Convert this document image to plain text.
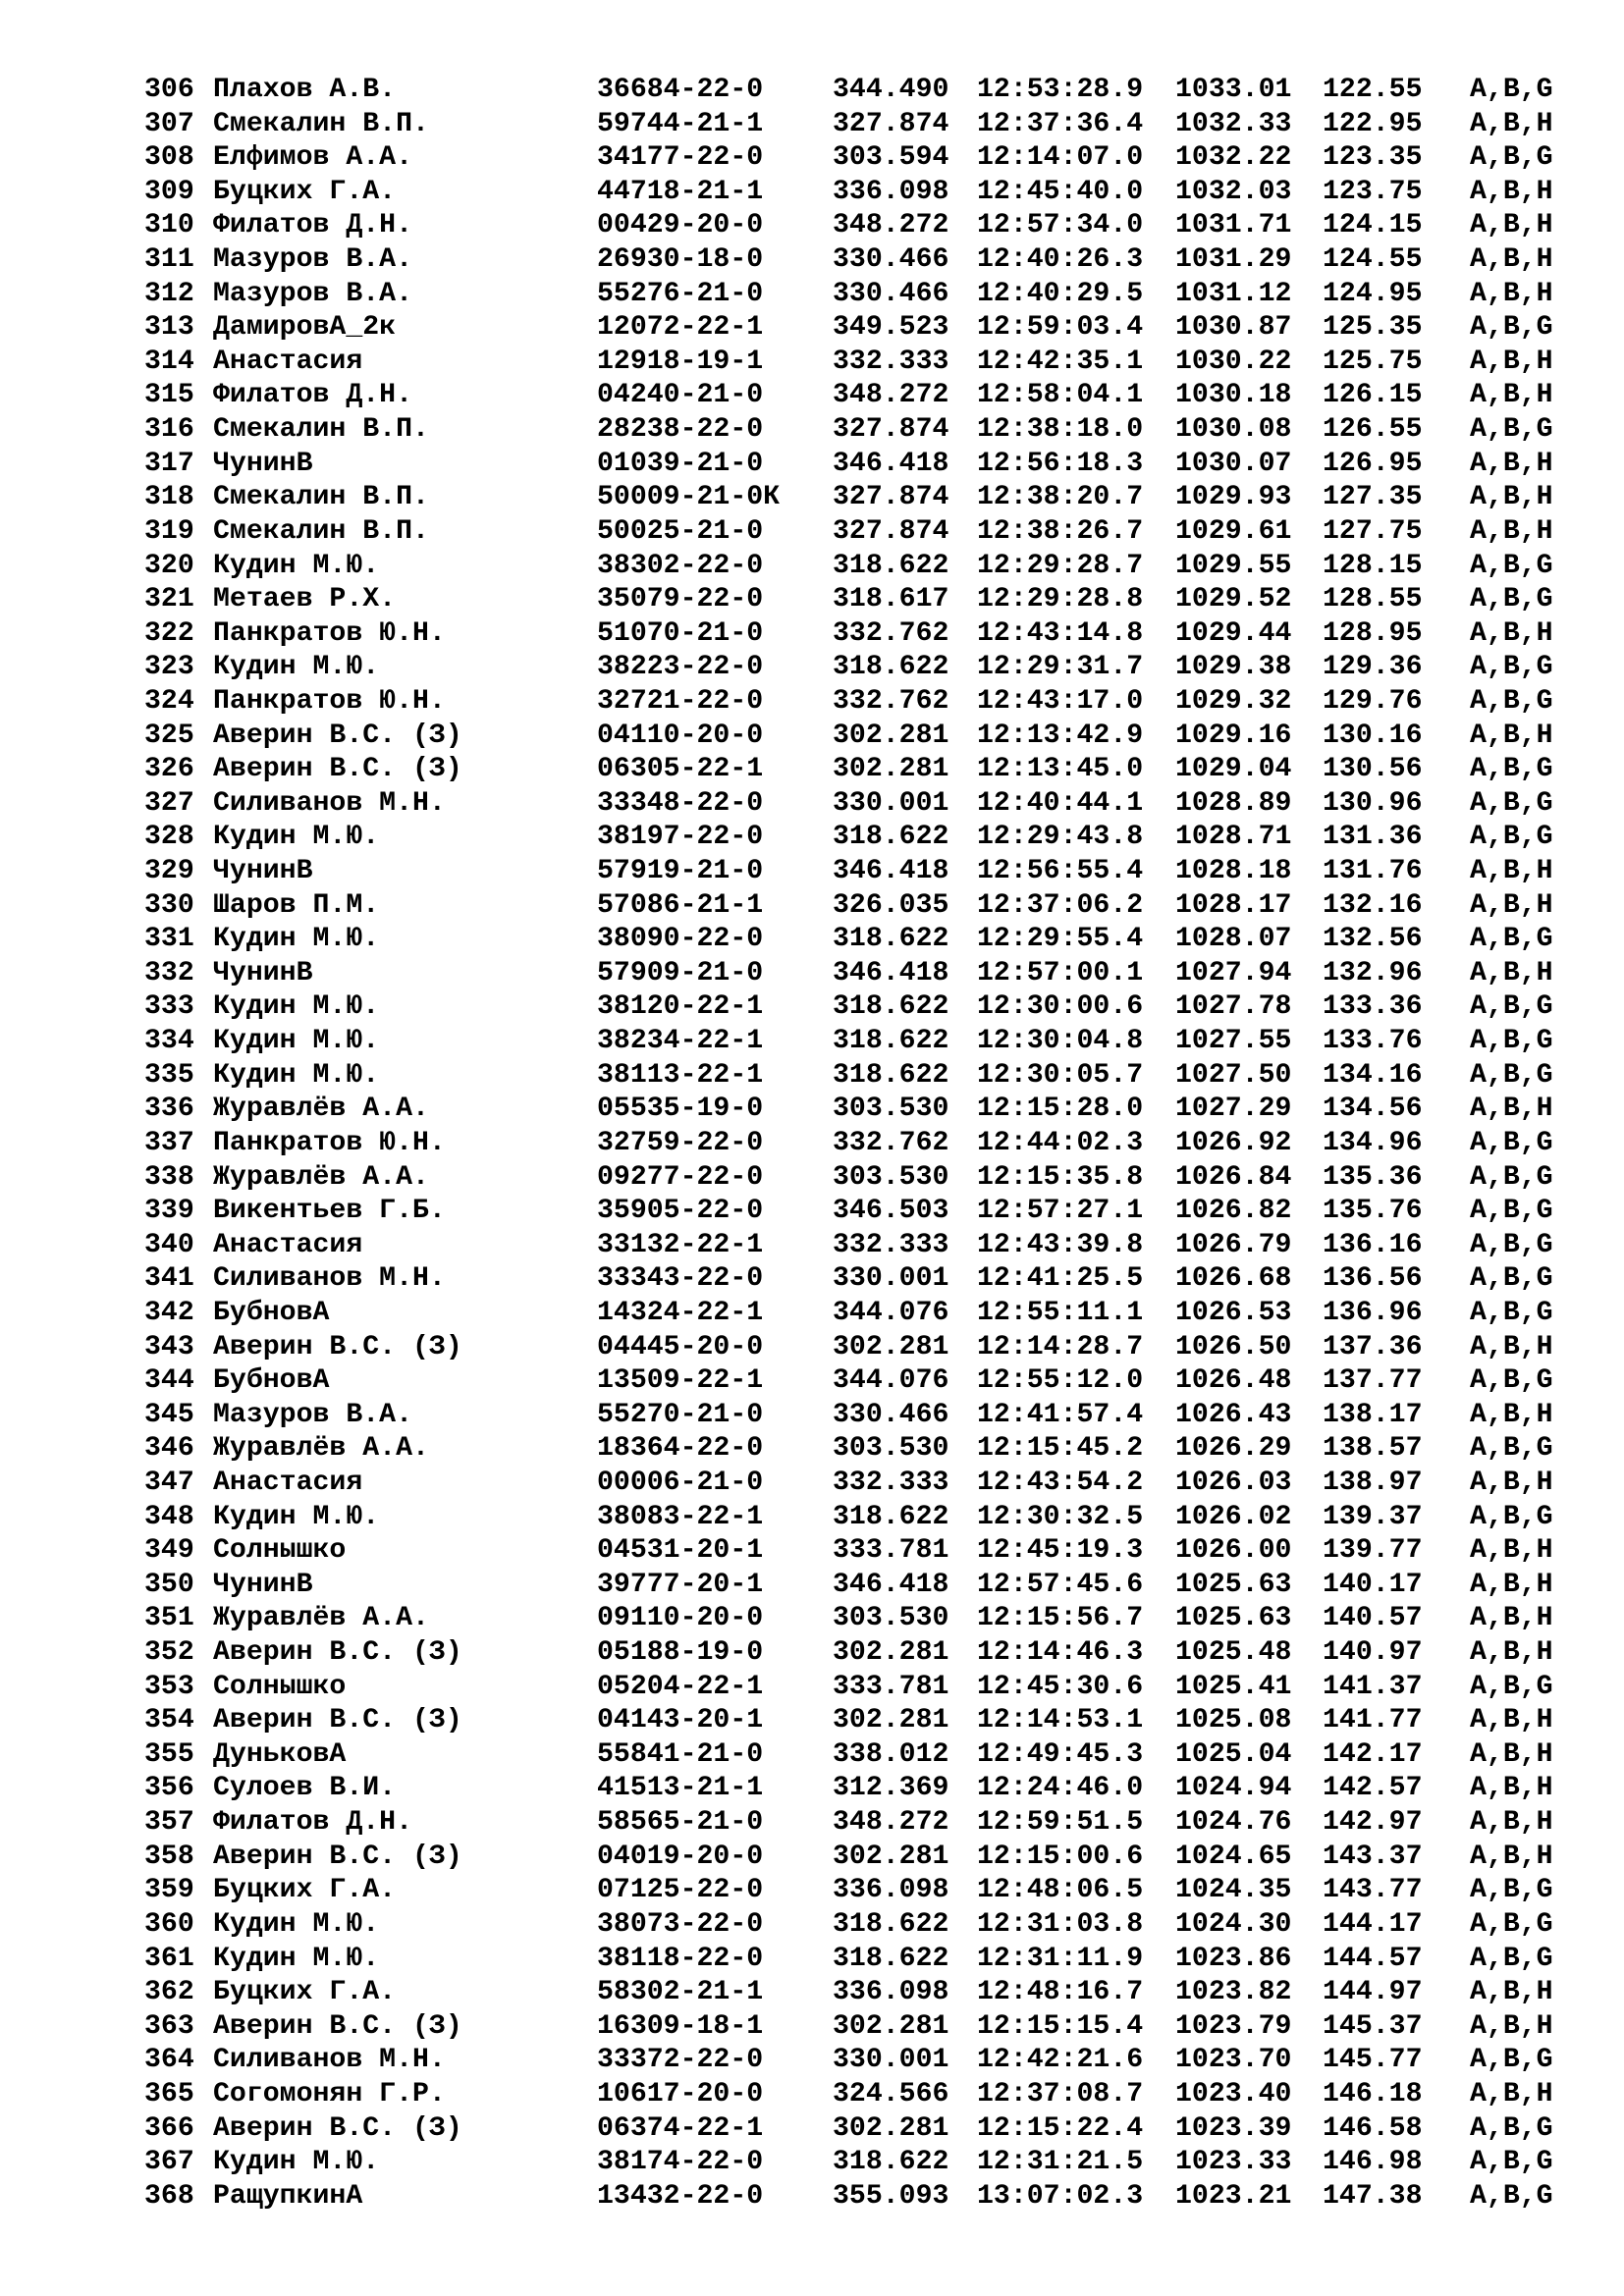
306 Плахов А.В.	36684-22-0	344.490 12:53:28.9 1033.01 122.55 A,B,G
307 Смекалин В.П.	59744-21-1	327.874 12:37:36.4 1032.33 122.95 A,B,H
308 Елфимов А.А.	34177-22-0	303.594 12:14:07.0 1032.22 123.35 A,B,G
309 Буцких Г.А.	44718-21-1	336.098 12:45:40.0 1032.03 123.75 A,B,H
310 Филатов Д.Н.	00429-20-0	348.272 12:57:34.0 1031.71 124.15 A,B,H
311 Мазуров В.А.	26930-18-0	330.466 12:40:26.3 1031.29 124.55 A,B,H
312 Мазуров В.А.	55276-21-0	330.466 12:40:29.5 1031.12 124.95 A,B,H
313 ДамировА_2к	12072-22-1	349.523 12:59:03.4 1030.87 125.35 A,B,G
314 Анастасия	12918-19-1	332.333 12:42:35.1 1030.22 125.75 A,B,H
315 Филатов Д.Н.	04240-21-0	348.272 12:58:04.1 1030.18 126.15 A,B,H
316 Смекалин В.П.	28238-22-0	327.874 12:38:18.0 1030.08 126.55 A,B,G
317 ЧунинВ	01039-21-0	346.418 12:56:18.3 1030.07 126.95 A,B,H
318 Смекалин В.П.	50009-21-0К 327.874 12:38:20.7 1029.93 127.35 A,B,H
319 Смекалин В.П.	50025-21-0	327.874 12:38:26.7 1029.61 127.75 A,B,H
320 Кудин М.Ю.	38302-22-0	318.622 12:29:28.7 1029.55 128.15 A,B,G
321 Метаев Р.Х.	35079-22-0	318.617 12:29:28.8 1029.52 128.55 A,B,G
322 Панкратов Ю.Н.	51070-21-0	332.762 12:43:14.8 1029.44 128.95 A,B,H
323 Кудин М.Ю.	38223-22-0	318.622 12:29:31.7 1029.38 129.36 A,B,G
324 Панкратов Ю.Н.	32721-22-0	332.762 12:43:17.0 1029.32 129.76 A,B,G
325 Аверин В.С. (З)	04110-20-0	302.281 12:13:42.9 1029.16 130.16 A,B,H
326 Аверин В.С. (З)	06305-22-1	302.281 12:13:45.0 1029.04 130.56 A,B,G
327 Силиванов М.Н.	33348-22-0	330.001 12:40:44.1 1028.89 130.96 A,B,G
328 Кудин М.Ю.	38197-22-0	318.622 12:29:43.8 1028.71 131.36 A,B,G
329 ЧунинВ	57919-21-0	346.418 12:56:55.4 1028.18 131.76 A,B,H
330 Шаров П.М.	57086-21-1	326.035 12:37:06.2 1028.17 132.16 A,B,H
331 Кудин М.Ю.	38090-22-0	318.622 12:29:55.4 1028.07 132.56 A,B,G
332 ЧунинВ	57909-21-0	346.418 12:57:00.1 1027.94 132.96 A,B,H
333 Кудин М.Ю.	38120-22-1	318.622 12:30:00.6 1027.78 133.36 A,B,G
334 Кудин М.Ю.	38234-22-1	318.622 12:30:04.8 1027.55 133.76 A,B,G
335 Кудин М.Ю.	38113-22-1	318.622 12:30:05.7 1027.50 134.16 A,B,G
336 Журавлёв А.А.	05535-19-0	303.530 12:15:28.0 1027.29 134.56 A,B,H
337 Панкратов Ю.Н.	32759-22-0	332.762 12:44:02.3 1026.92 134.96 A,B,G
338 Журавлёв А.А.	09277-22-0	303.530 12:15:35.8 1026.84 135.36 A,B,G
339 Викентьев Г.Б.	35905-22-0	346.503 12:57:27.1 1026.82 135.76 A,B,G
340 Анастасия	33132-22-1	332.333 12:43:39.8 1026.79 136.16 A,B,G
341 Силиванов М.Н.	33343-22-0	330.001 12:41:25.5 1026.68 136.56 A,B,G
342 БубновА	14324-22-1	344.076 12:55:11.1 1026.53 136.96 A,B,G
343 Аверин В.С. (З)	04445-20-0	302.281 12:14:28.7 1026.50 137.36 A,B,H
344 БубновА	13509-22-1	344.076 12:55:12.0 1026.48 137.77 A,B,G
345 Мазуров В.А.	55270-21-0	330.466 12:41:57.4 1026.43 138.17 A,B,H
346 Журавлёв А.А.	18364-22-0	303.530 12:15:45.2 1026.29 138.57 A,B,G
347 Анастасия	00006-21-0	332.333 12:43:54.2 1026.03 138.97 A,B,H
348 Кудин М.Ю.	38083-22-1	318.622 12:30:32.5 1026.02 139.37 A,B,G
349 Солнышко	04531-20-1	333.781 12:45:19.3 1026.00 139.77 A,B,H
350 ЧунинВ	39777-20-1	346.418 12:57:45.6 1025.63 140.17 A,B,H
351 Журавлёв А.А.	09110-20-0	303.530 12:15:56.7 1025.63 140.57 A,B,H
352 Аверин В.С. (З)	05188-19-0	302.281 12:14:46.3 1025.48 140.97 A,B,H
353 Солнышко	05204-22-1	333.781 12:45:30.6 1025.41 141.37 A,B,G
354 Аверин В.С. (З)	04143-20-1	302.281 12:14:53.1 1025.08 141.77 A,B,H
355 ДуньковА	55841-21-0	338.012 12:49:45.3 1025.04 142.17 A,B,H
356 Сулоев В.И.	41513-21-1	312.369 12:24:46.0 1024.94 142.57 A,B,H
357 Филатов Д.Н.	58565-21-0	348.272 12:59:51.5 1024.76 142.97 A,B,H
358 Аверин В.С. (З)	04019-20-0	302.281 12:15:00.6 1024.65 143.37 A,B,H
359 Буцких Г.А.	07125-22-0	336.098 12:48:06.5 1024.35 143.77 A,B,G
360 Кудин М.Ю.	38073-22-0	318.622 12:31:03.8 1024.30 144.17 A,B,G
361 Кудин М.Ю.	38118-22-0	318.622 12:31:11.9 1023.86 144.57 A,B,G
362 Буцких Г.А.	58302-21-1	336.098 12:48:16.7 1023.82 144.97 A,B,H
363 Аверин В.С. (З)	16309-18-1	302.281 12:15:15.4 1023.79 145.37 A,B,H
364 Силиванов М.Н.	33372-22-0	330.001 12:42:21.6 1023.70 145.77 A,B,G
365 Согомонян Г.Р.	10617-20-0	324.566 12:37:08.7 1023.40 146.18 A,B,H
366 Аверин В.С. (З)	06374-22-1	302.281 12:15:22.4 1023.39 146.58 A,B,G
367 Кудин М.Ю.	38174-22-0	318.622 12:31:21.5 1023.33 146.98 A,B,G
368 РащупкинА	13432-22-0	355.093 13:07:02.3 1023.21 147.38 A,B,G
